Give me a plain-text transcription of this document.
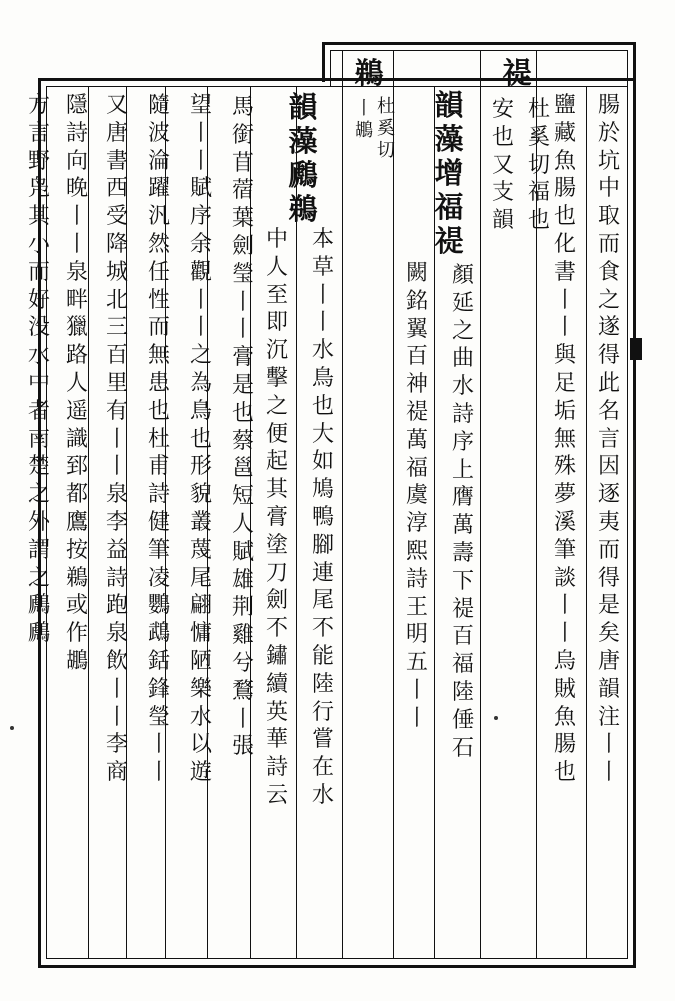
腸
於
坑
中
取
而
食
之
遂
得
此
名
言
因
逐
夷
而
得
是
矣
唐
韻
注
丨
丨
鹽
藏
魚
腸
也
化
書
丨
丨
與
足
垢
無
殊
夢
溪
筆
談
丨
丨
烏
賊
魚
腸
也
禔
杜
奚
切
福
也
安
也
又
支
韻
韻
藻
增
福
禔
顏
延
之
曲
水
詩
序
上
膺
萬
壽
下
禔
百
福
陸
倕
石
闕
銘
翼
百
神
禔
萬
福
虞
淳
熙
詩
王
明
五
丨
丨
鵜
杜
奚
切
丨
鶘
韻
藻
鷉
鵜
本
草
丨
丨
水
鳥
也
大
如
鳩
鴨
腳
連
尾
不
能
陸
行
嘗
在
水
中
人
至
即
沉
擊
之
便
起
其
膏
塗
刀
劍
不
鏽
續
英
華
詩
云
馬
銜
苜
蓿
葉
劍
瑩
丨
丨
膏
是
也
蔡
邕
短
人
賦
雄
荆
雞
兮
鶩
丨
張
望
丨
丨
賦
序
余
觀
丨
丨
之
為
鳥
也
形
貌
叢
蔑
尾
翩
慵
陋
樂
水
以
遊
隨
波
淪
躍
汎
然
任
性
而
無
患
也
杜
甫
詩
健
筆
凌
鸚
鵡
銛
鋒
瑩
丨
丨
又
唐
書
西
受
降
城
北
三
百
里
有
丨
丨
泉
李
益
詩
跑
泉
飲
丨
丨
李
商
隱
詩
向
晚
丨
丨
泉
畔
獵
路
人
遥
識
郅
都
鷹
按
鵜
或
作
鶘
方
言
野
凫
其
小
而
好
没
水
中
者
南
楚
之
外
謂
之
鷉
鷉
